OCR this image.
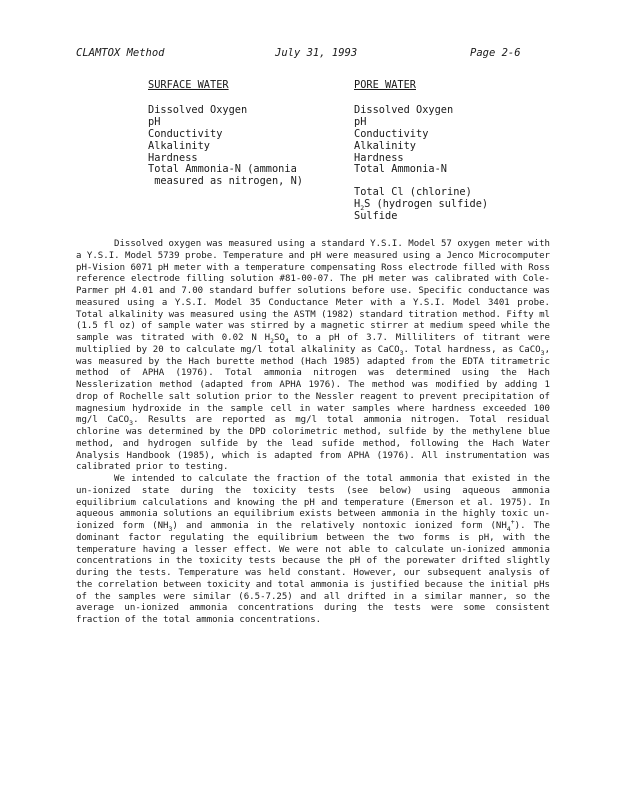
CLAMTOX Method	July 31, 1993	Page 2-6
SURFACE WATER
Dissolved Oxygen
pH
Conductivity
Alkalinity
Hardness
Total Ammonia-N (ammonia
measured as nitrogen, N)
PORE WATER
Dissolved Oxygen
pH
Conductivity
Alkalinity
Hardness
Total Ammonia-N
Total Cl (chlorine)
$H_2S$ (hydrogen sulfide)
Sulfide

Dissolved oxygen was measured using a standard Y.S.I. Model 57 oxygen meter with a Y.S.I. Model 5739 probe. Temperature and pH were measured using a Jenco Microcomputer pH-Vision 6071 pH meter with a temperature compensating Ross electrode filled with Ross reference electrode filling solution #81-00-07. The pH meter was calibrated with Cole-Parmer pH 4.01 and 7.00 standard buffer solutions before use. Specific conductance was measured using a Y.S.I. Model 35 Conductance Meter with a Y.S.I. Model 3401 probe. Total alkalinity was measured using the ASTM (1982) standard titration method. Fifty ml (1.5 fl oz) of sample water was stirred by a magnetic stirrer at medium speed while the sample was titrated with 0.02 N $H_2SO_4$ to a pH of 3.7. Milliliters of titrant were multiplied by 20 to calculate mg/l total alkalinity as CaCO$_3$. Total hardness, as CaCO$_3$, was measured by the Hach burette method (Hach 1985) adapted from the EDTA titrametric method of APHA (1976). Total ammonia nitrogen was determined using the Hach Nesslerization method (adapted from APHA 1976). The method was modified by adding 1 drop of Rochelle salt solution prior to the Nessler reagent to prevent precipitation of magnesium hydroxide in the sample cell in water samples where hardness exceeded 100 mg/l CaCO$_3$. Results are reported as mg/l total ammonia nitrogen. Total residual chlorine was determined by the DPD colorimetric method, sulfide by the methylene blue method, and hydrogen sulfide by the lead sufide method, following the Hach Water Analysis Handbook (1985), which is adapted from APHA (1976). All instrumentation was calibrated prior to testing.

We intended to calculate the fraction of the total ammonia that existed in the un-ionized state during the toxicity tests (see below) using aqueous ammonia equilibrium calculations and knowing the pH and temperature (Emerson et al. 1975). In aqueous ammonia solutions an equilibrium exists between ammonia in the highly toxic un-ionized form $(NH_3)$ and ammonia in the relatively nontoxic ionized form $(NH_4^+)$. The dominant factor regulating the equilibrium between the two forms is pH, with the temperature having a lesser effect. We were not able to calculate un-ionized ammonia concentrations in the toxicity tests because the pH of the porewater drifted slightly during the tests. Temperature was held constant. However, our subsequent analysis of the correlation between toxicity and total ammonia is justified because the initial pHs of the samples were similar (6.5-7.25) and all drifted in a similar manner, so the average un-ionized ammonia concentrations during the tests were some consistent fraction of the total ammonia concentrations.
